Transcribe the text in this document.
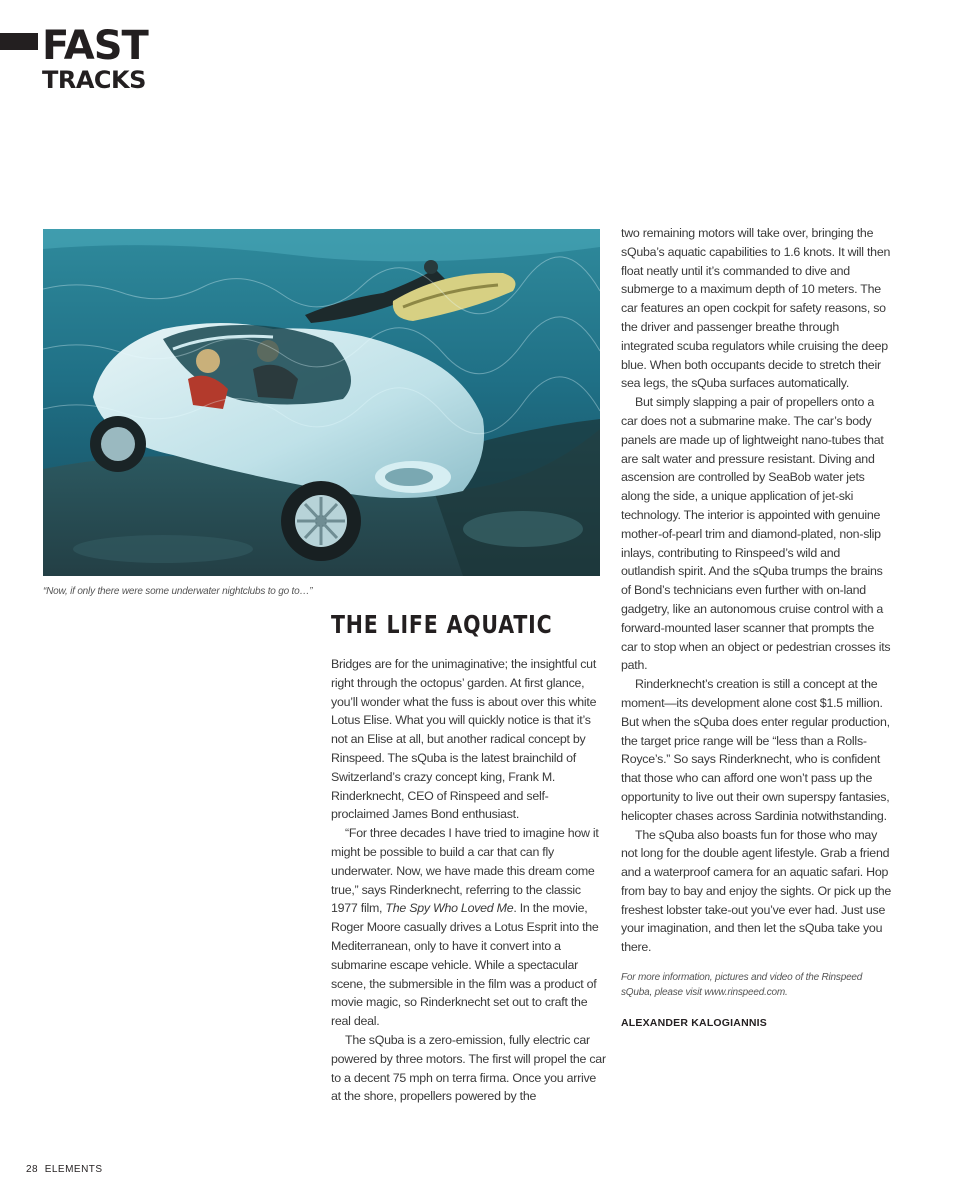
FAST
TRACKS
“Now, if only there were some underwater nightclubs to go to…”
THE LIFE AQUATIC

Bridges are for the unimaginative; the insightful cut right through the octopus’ garden. At first glance, you’ll wonder what the fuss is about over this white Lotus Elise. What you will quickly notice is that it’s not an Elise at all, but another radical concept by Rinspeed. The sQuba is the latest brainchild of Switzerland’s crazy concept king, Frank M. Rinderknecht, CEO of Rinspeed and self-proclaimed James Bond enthusiast.

“For three decades I have tried to imagine how it might be possible to build a car that can fly underwater. Now, we have made this dream come true,” says Rinderknecht, referring to the classic 1977 film, The Spy Who Loved Me. In the movie, Roger Moore casually drives a Lotus Esprit into the Mediterranean, only to have it convert into a submarine escape vehicle. While a spectacular scene, the submersible in the film was a product of movie magic, so Rinderknecht set out to craft the real deal.

The sQuba is a zero-emission, fully electric car powered by three motors. The first will propel the car to a decent 75 mph on terra firma. Once you arrive at the shore, propellers powered by the

two remaining motors will take over, bringing the sQuba’s aquatic capabilities to 1.6 knots. It will then float neatly until it’s commanded to dive and submerge to a maximum depth of 10 meters. The car features an open cockpit for safety reasons, so the driver and passenger breathe through integrated scuba regulators while cruising the deep blue. When both occupants decide to stretch their sea legs, the sQuba surfaces automatically.

But simply slapping a pair of propellers onto a car does not a submarine make. The car’s body panels are made up of lightweight nano-tubes that are salt water and pressure resistant. Diving and ascension are controlled by SeaBob water jets along the side, a unique application of jet-ski technology. The interior is appointed with genuine mother-of-pearl trim and diamond-plated, non-slip inlays, contributing to Rinspeed’s wild and outlandish spirit. And the sQuba trumps the brains of Bond’s technicians even further with on-land gadgetry, like an autonomous cruise control with a forward-mounted laser scanner that prompts the car to stop when an object or pedestrian crosses its path.

Rinderknecht’s creation is still a concept at the moment—its development alone cost $1.5 million. But when the sQuba does enter regular production, the target price range will be “less than a Rolls-Royce’s.” So says Rinderknecht, who is confident that those who can afford one won’t pass up the opportunity to live out their own superspy fantasies, helicopter chases across Sardinia notwithstanding.

The sQuba also boasts fun for those who may not long for the double agent lifestyle. Grab a friend and a waterproof camera for an aquatic safari. Hop from bay to bay and enjoy the sights. Or pick up the freshest lobster take-out you’ve ever had. Just use your imagination, and then let the sQuba take you there.

For more information, pictures and video of the Rinspeed sQuba, please visit www.rinspeed.com.

ALEXANDER KALOGIANNIS

28 ELEMENTS
